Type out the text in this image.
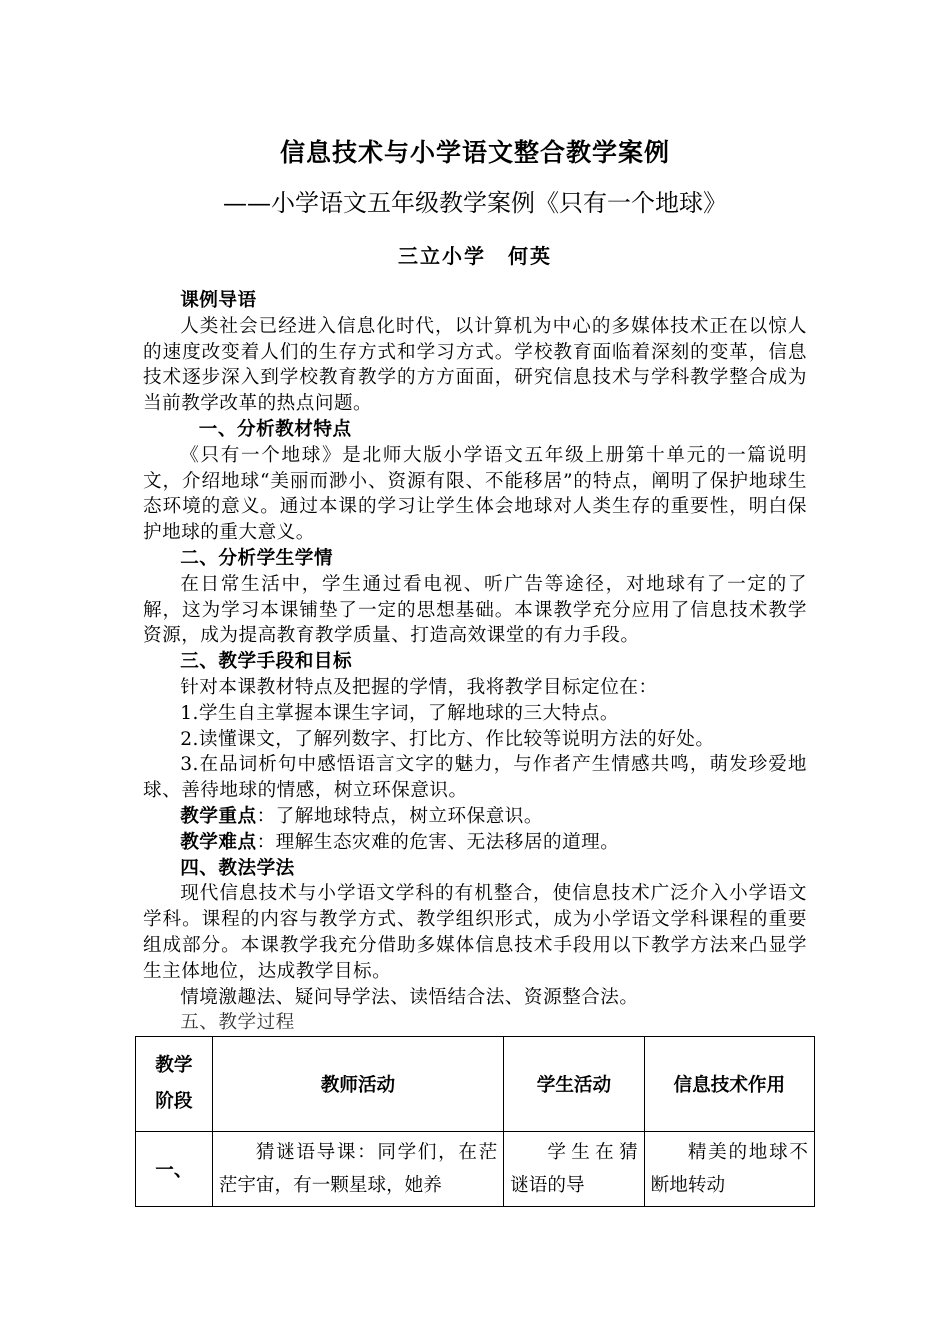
信息技术与小学语文整合教学案例
——小学语文五年级教学案例《只有一个地球》
三立小学　何英

课例导语

人类社会已经进入信息化时代，以计算机为中心的多媒体技术正在以惊人的速度改变着人们的生存方式和学习方式。学校教育面临着深刻的变革，信息技术逐步深入到学校教育教学的方方面面，研究信息技术与学科教学整合成为当前教学改革的热点问题。

一、分析教材特点

《只有一个地球》是北师大版小学语文五年级上册第十单元的一篇说明文，介绍地球“美丽而渺小、资源有限、不能移居”的特点，阐明了保护地球生态环境的意义。通过本课的学习让学生体会地球对人类生存的重要性，明白保护地球的重大意义。

二、分析学生学情

在日常生活中，学生通过看电视、听广告等途径，对地球有了一定的了解，这为学习本课铺垫了一定的思想基础。本课教学充分应用了信息技术教学资源，成为提高教育教学质量、打造高效课堂的有力手段。

三、教学手段和目标

针对本课教材特点及把握的学情，我将教学目标定位在：

1.学生自主掌握本课生字词，了解地球的三大特点。

2.读懂课文，了解列数字、打比方、作比较等说明方法的好处。

3.在品词析句中感悟语言文字的魅力，与作者产生情感共鸣，萌发珍爱地球、善待地球的情感，树立环保意识。

教学重点：了解地球特点，树立环保意识。

教学难点：理解生态灾难的危害、无法移居的道理。

四、教法学法

现代信息技术与小学语文学科的有机整合，使信息技术广泛介入小学语文学科。课程的内容与教学方式、教学组织形式，成为小学语文学科课程的重要组成部分。本课教学我充分借助多媒体信息技术手段用以下教学方法来凸显学生主体地位，达成教学目标。

情境激趣法、疑问导学法、读悟结合法、资源整合法。

五、教学过程

教学
阶段	教师活动	学生活动	信息技术作用
一、	猜谜语导课：同学们，在茫茫宇宙，有一颗星球，她养	学生在猜谜语的导	精美的地球不断地转动
